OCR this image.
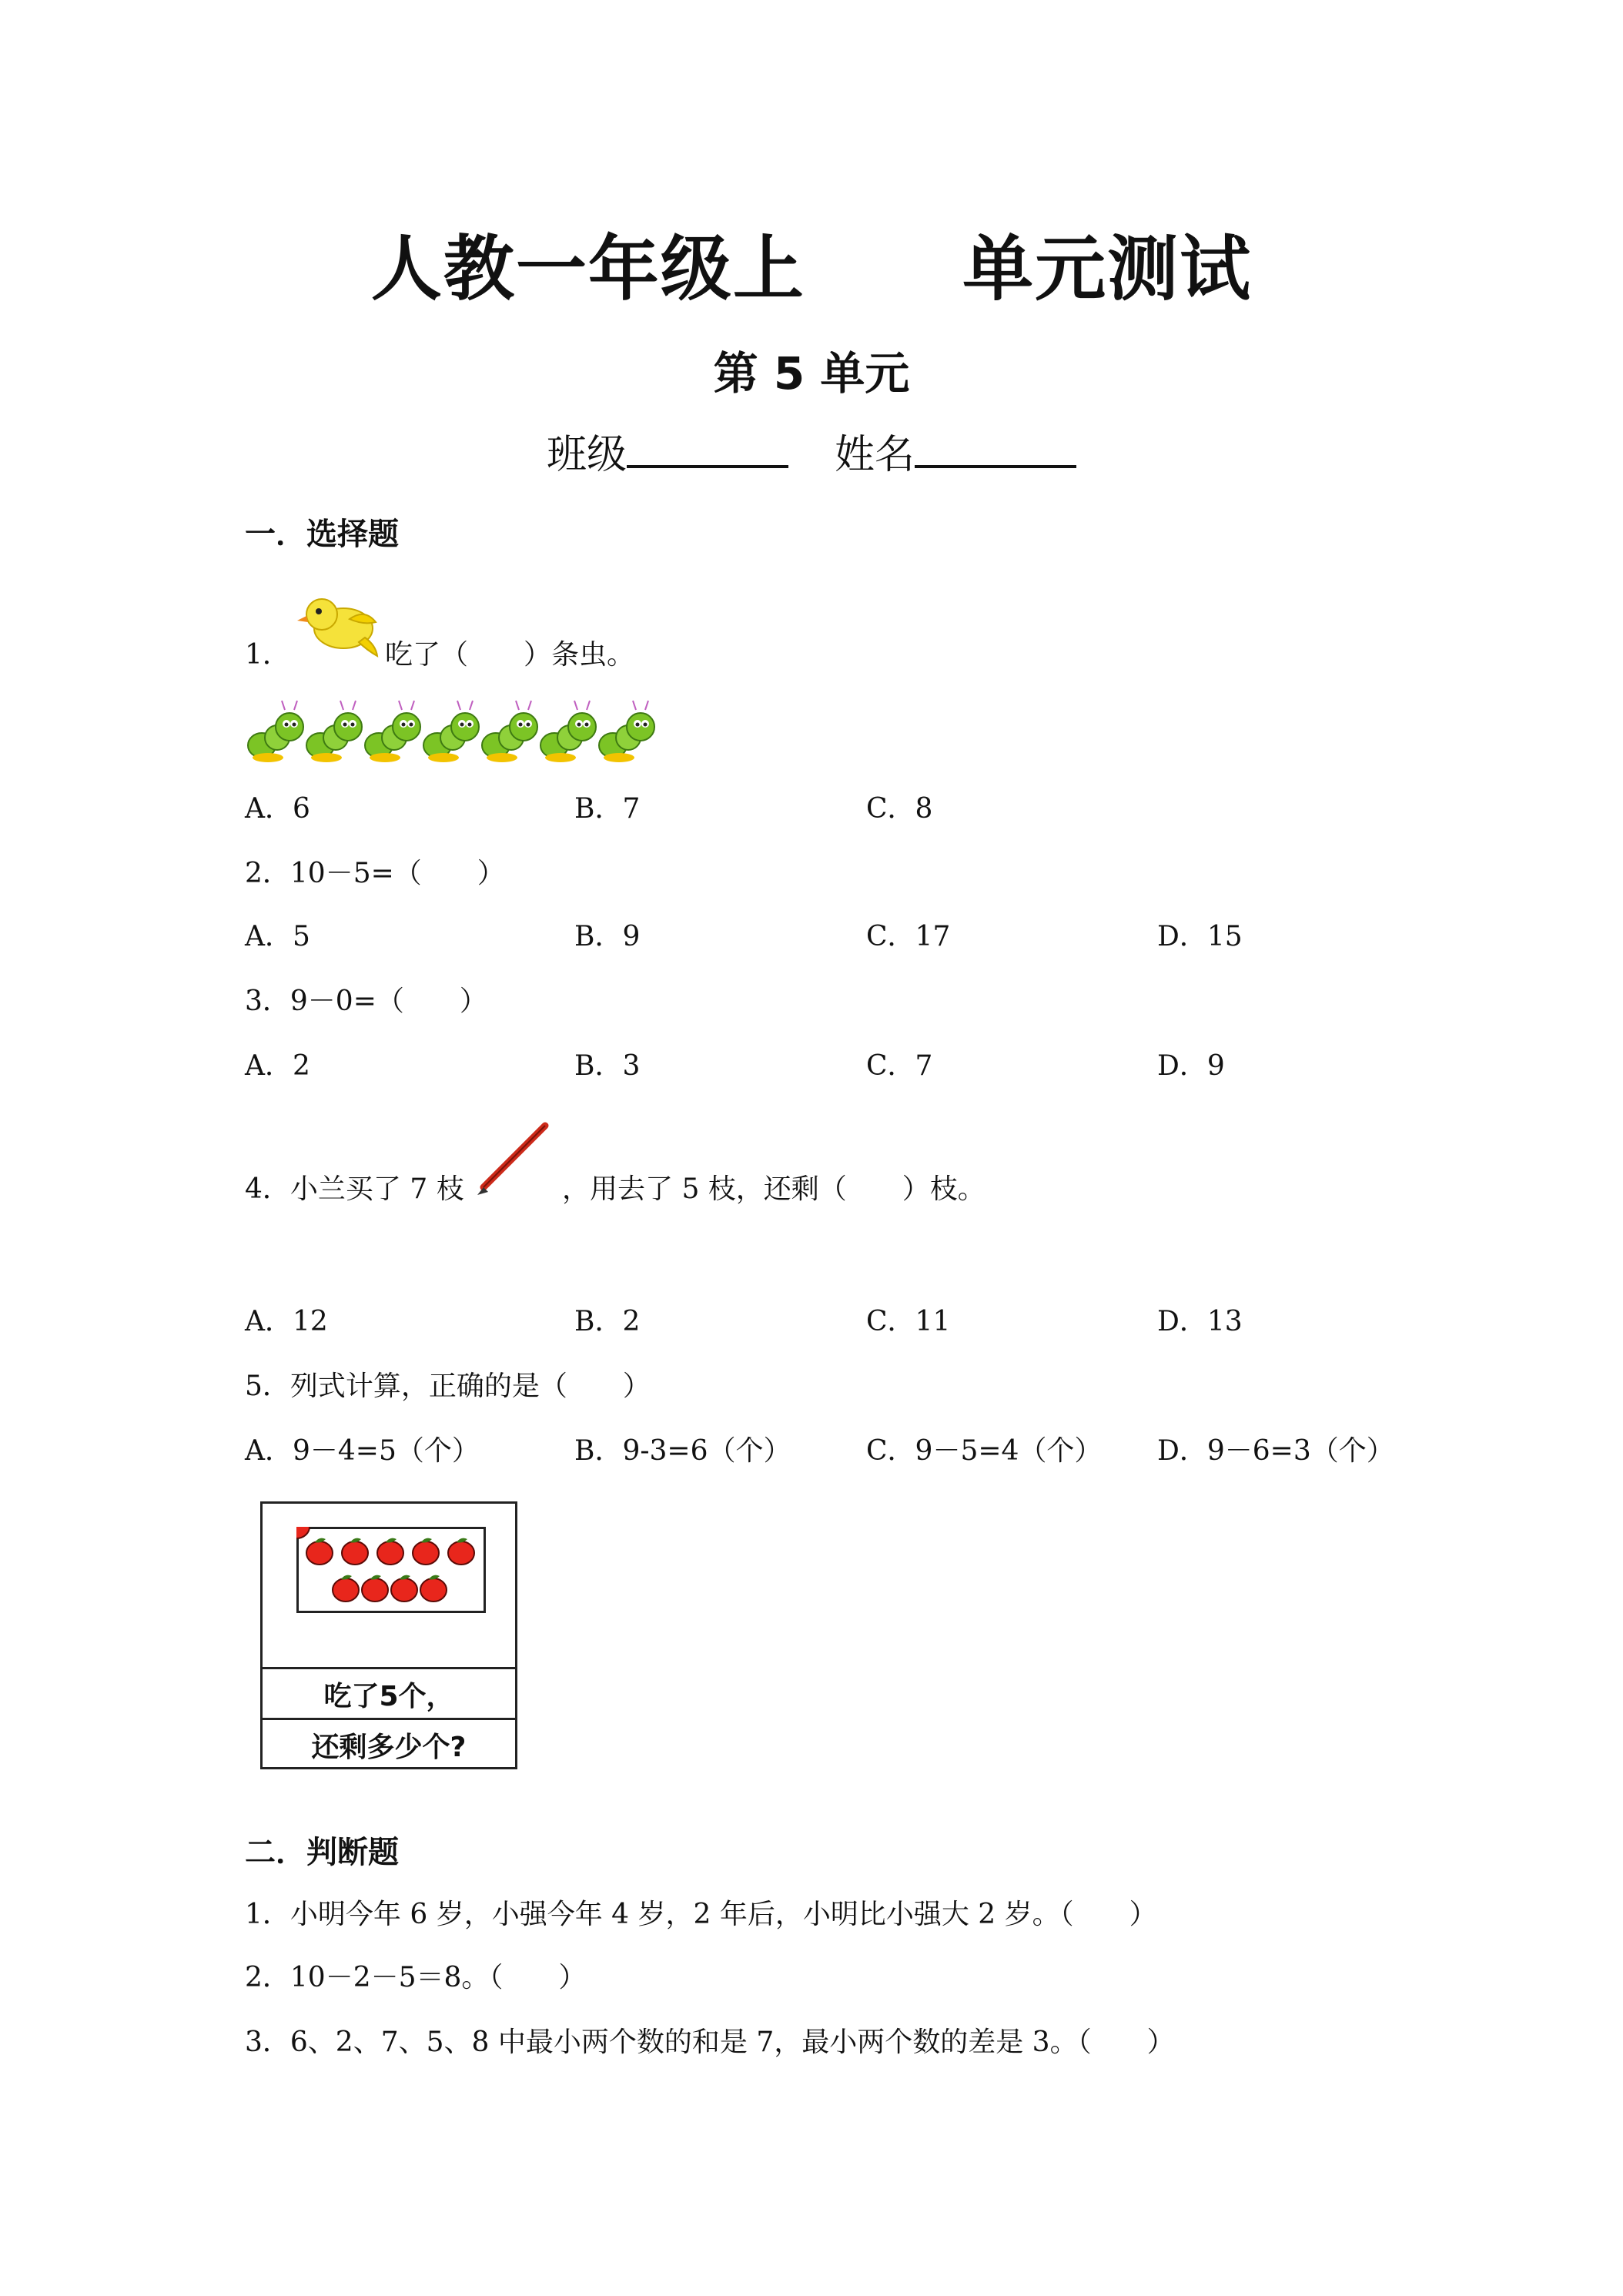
人教一年级上      单元测试
第 5 单元
班级	姓名
一．选择题
1．	吃了（　　）条虫。
A．6	B．7	C．8
2．10－5=（　　）
A．5	B．9	C．17	D．15
3．9－0=（　　）
A．2	B．3	C．7	D．9
4．小兰买了 7 枝	，用去了 5 枝，还剩（　　）枝。
A．12	B．2	C．11	D．13
5．列式计算，正确的是（　　）
A．9－4=5（个）	B．9-3=6（个）	C．9－5=4（个） D．9－6=3（个）
吃了5个，
还剩多少个?
二．判断题
1．小明今年 6 岁，小强今年 4 岁，2 年后，小明比小强大 2 岁。（　　）
2．10－2－5＝8。（　　）
3．6、2、7、5、8 中最小两个数的和是 7，最小两个数的差是 3。（　　）
